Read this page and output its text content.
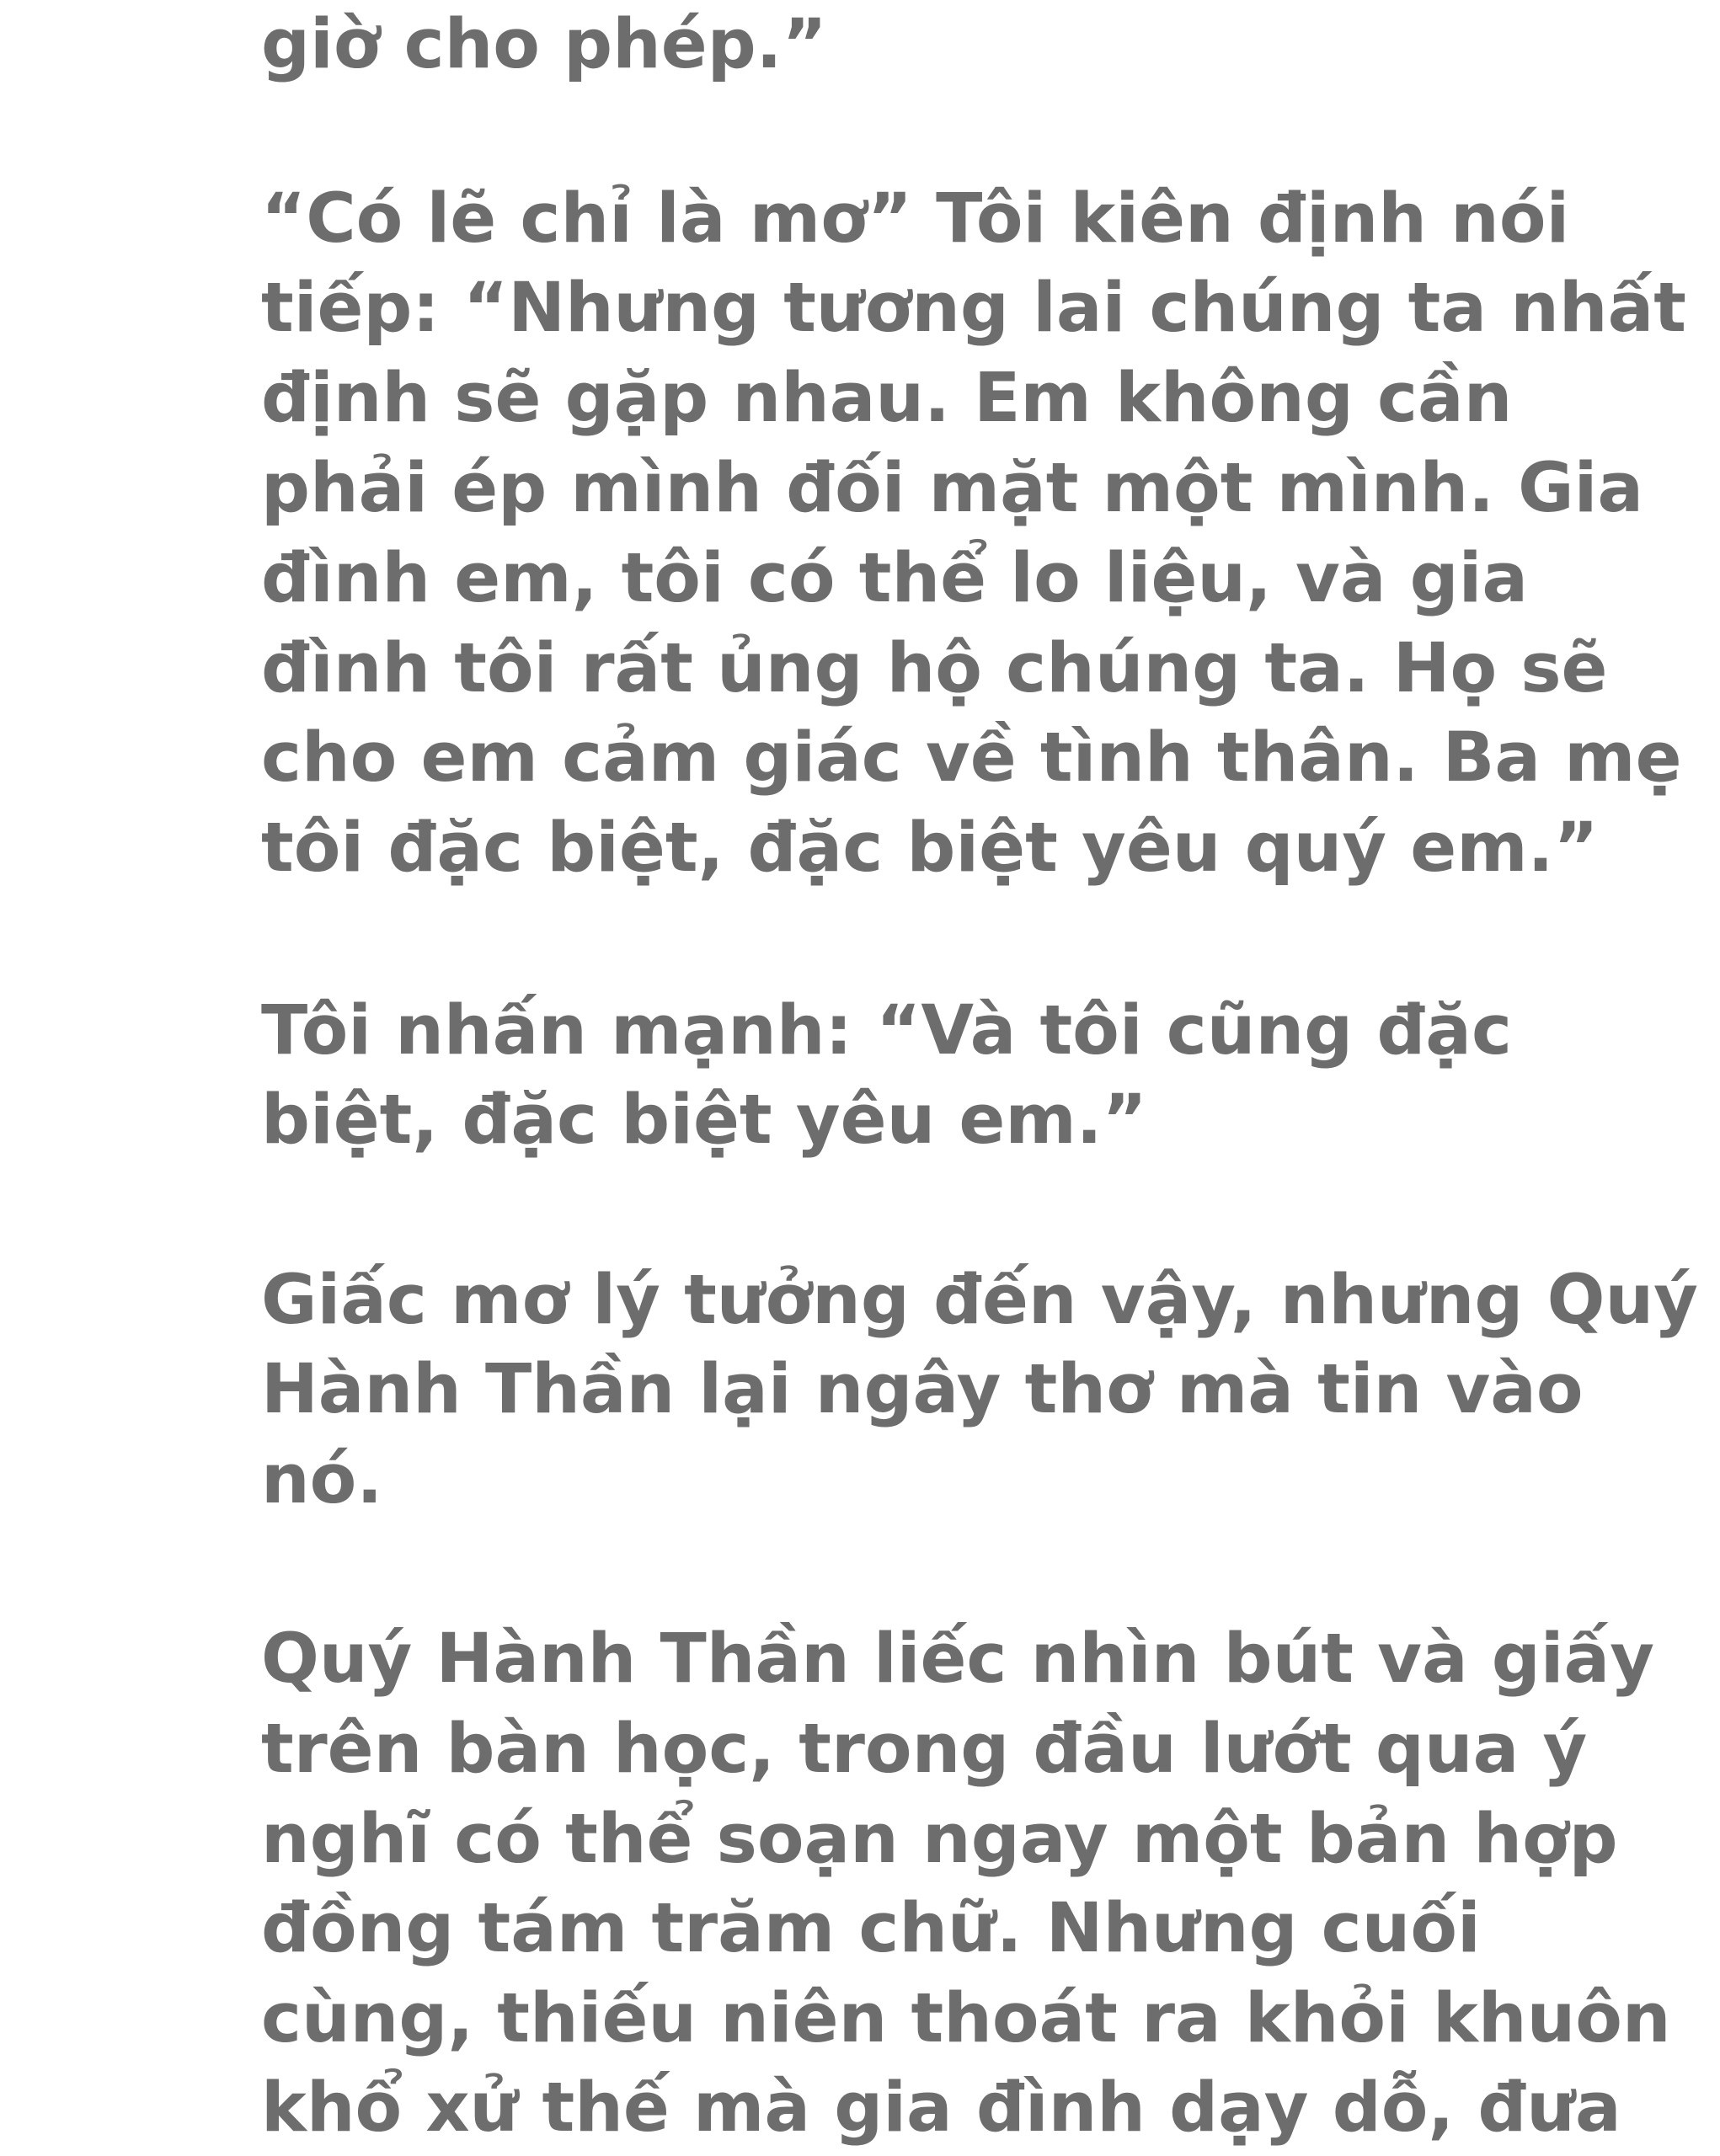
giờ cho phép.”
“Có lẽ chỉ là mơ” Tôi kiên định nói
tiếp: “Nhưng tương lai chúng ta nhất
định sẽ gặp nhau. Em không cần
phải ép mình đối mặt một mình. Gia
đình em, tôi có thể lo liệu, và gia
đình tôi rất ủng hộ chúng ta. Họ sẽ
cho em cảm giác về tình thân. Ba mẹ
tôi đặc biệt, đặc biệt yêu quý em.”
Tôi nhấn mạnh: “Và tôi cũng đặc
biệt, đặc biệt yêu em.”
Giấc mơ lý tưởng đến vậy, nhưng Quý
Hành Thần lại ngây thơ mà tin vào
nó.
Quý Hành Thần liếc nhìn bút và giấy
trên bàn học, trong đầu lướt qua ý
nghĩ có thể soạn ngay một bản hợp
đồng tám trăm chữ. Nhưng cuối
cùng, thiếu niên thoát ra khỏi khuôn
khổ xử thế mà gia đình dạy dỗ, đưa
